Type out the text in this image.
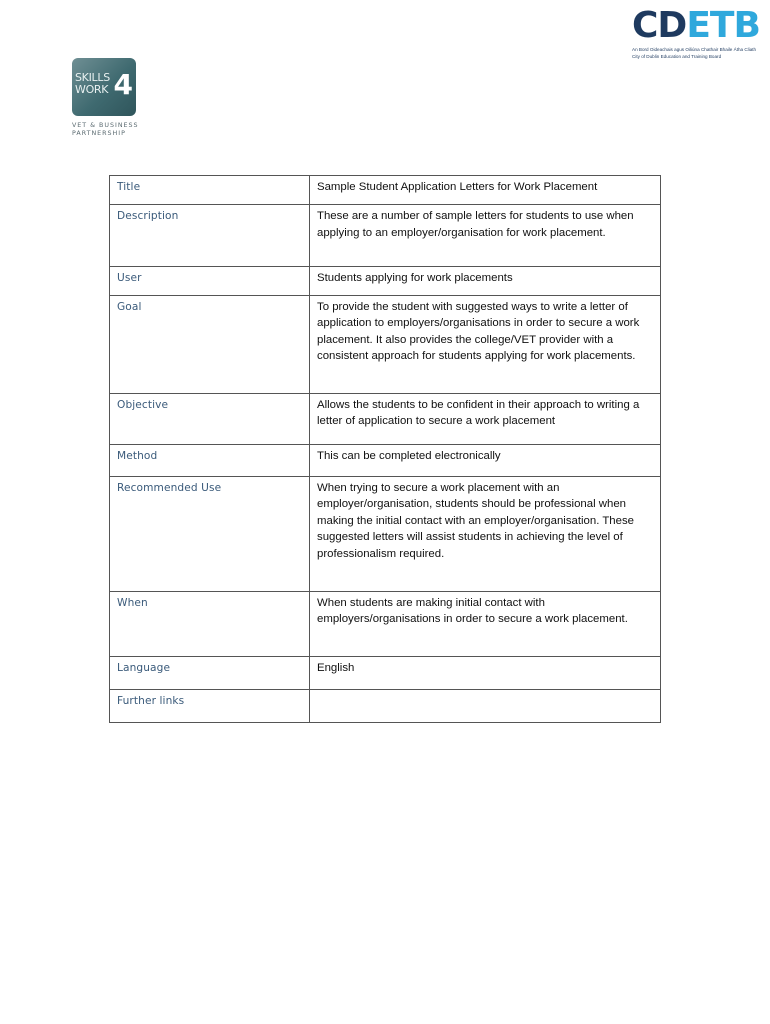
SKILLS
WORK 4
VET & BUSINESS
PARTNERSHIP
CDETB
An Bord Oideachais agus Oiliúna Chathair Bhaile Átha Cliath
City of Dublin Education and Training Board
Title	Sample Student Application Letters for Work Placement
Description	These are a number of sample letters for students to use when applying to an employer/organisation for work placement.
User	Students applying for work placements
Goal	To provide the student with suggested ways to write a letter of application to employers/organisations in order to secure a work placement. It also provides the college/VET provider with a consistent approach for students applying for work placements.
Objective	Allows the students to be confident in their approach to writing a letter of application to secure a work placement
Method	This can be completed electronically
Recommended Use	When trying to secure a work placement with an employer/organisation, students should be professional when making the initial contact with an employer/organisation. These suggested letters will assist students in achieving the level of professionalism required.
When	When students are making initial contact with employers/organisations in order to secure a work placement.
Language	English
Further links	
